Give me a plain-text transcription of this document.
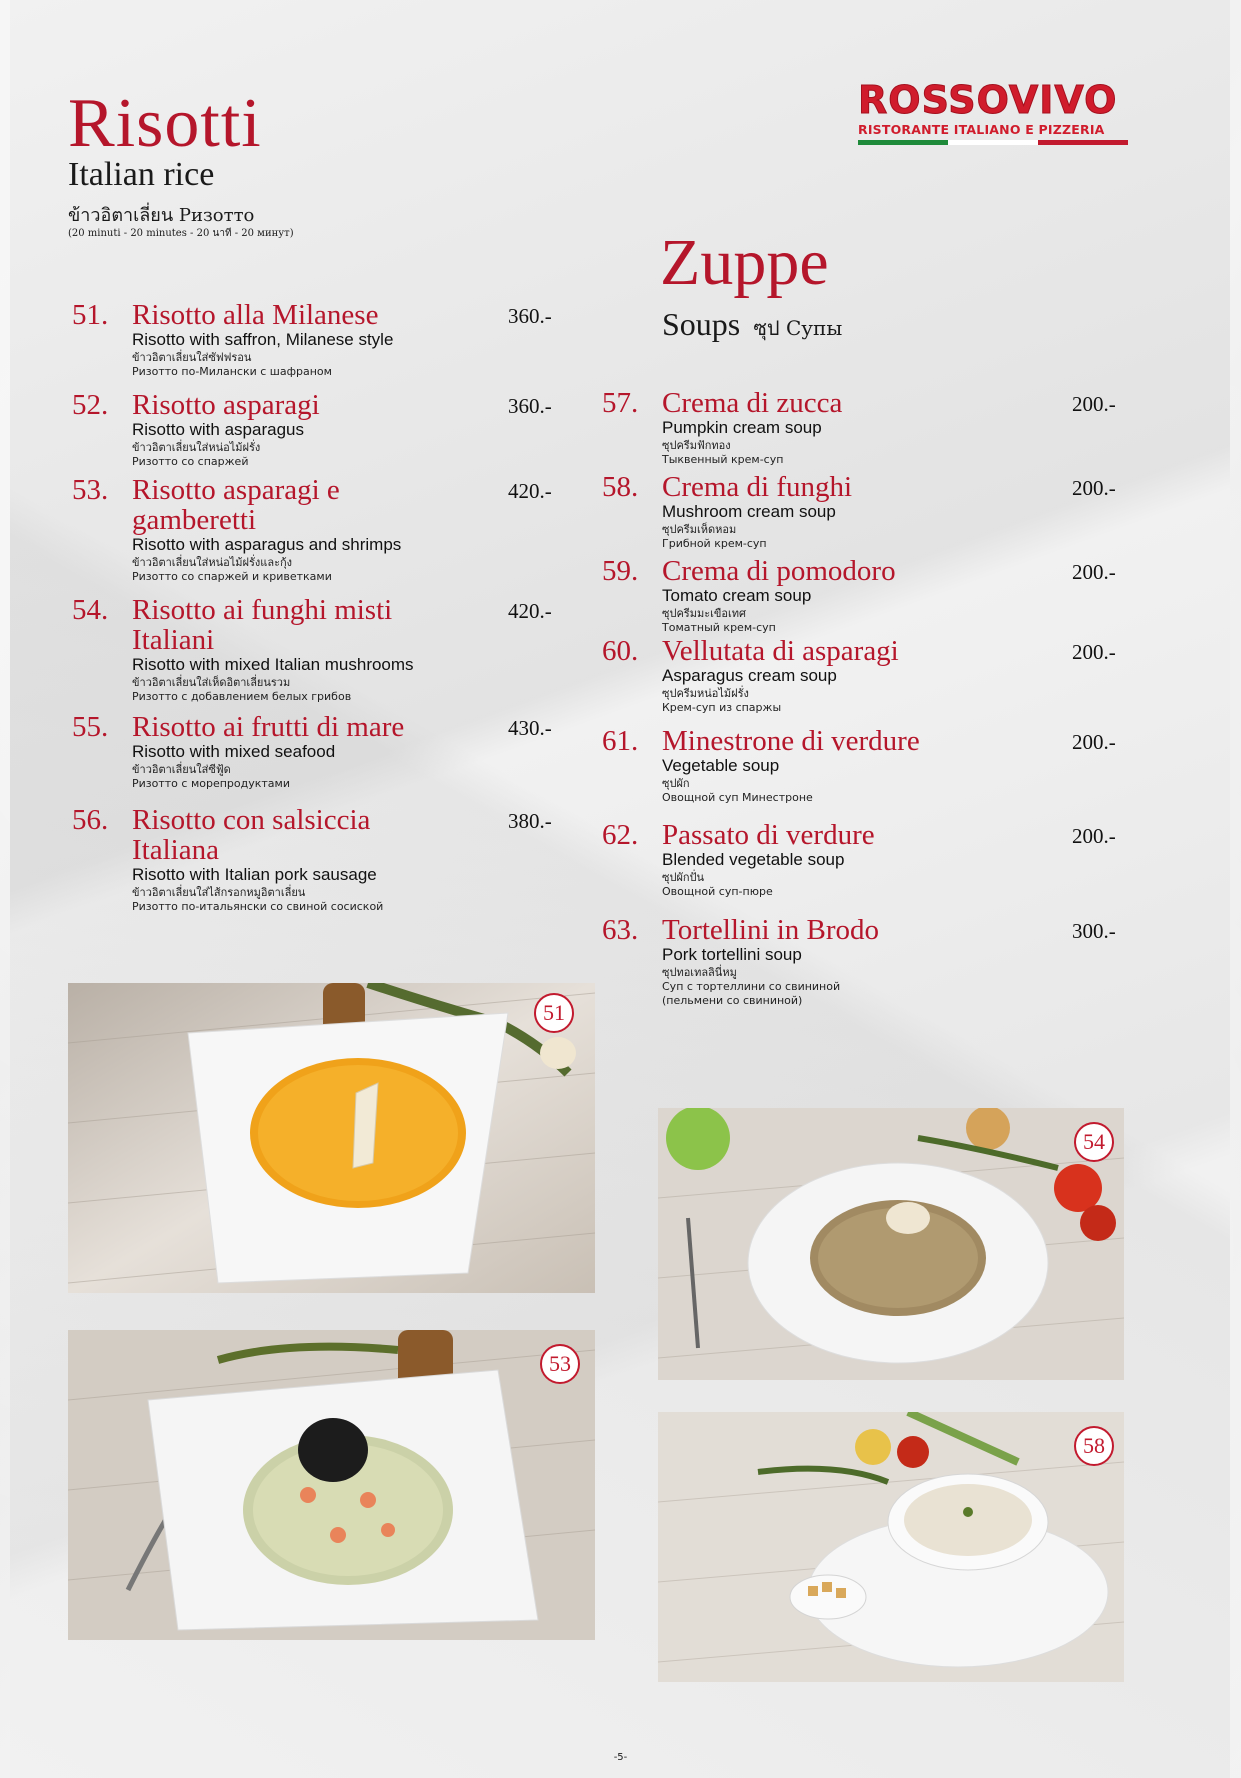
ROSSOVIVO
RISTORANTE ITALIANO E PIZZERIA
Risotti
Italian rice
ข้าวอิตาเลี่ยน Ризотто
(20 minuti - 20 minutes - 20 นาที - 20 минут)
51. Risotto alla Milanese
Risotto with saffron, Milanese style
ข้าวอิตาเลี่ยนใส่ซัฟฟรอน
Ризотто по-Милански с шафраном
360.-
52. Risotto asparagi
Risotto with asparagus
ข้าวอิตาเลี่ยนใส่หน่อไม้ฝรั่ง
Ризотто со спаржей
360.-
53. Risotto asparagi e
gamberetti
Risotto with asparagus and shrimps
ข้าวอิตาเลี่ยนใส่หน่อไม้ฝรั่งและกุ้ง
Ризотто со спаржей и криветками
420.-
54. Risotto ai funghi misti
Italiani
Risotto with mixed Italian mushrooms
ข้าวอิตาเลี่ยนใส่เห็ดอิตาเลี่ยนรวม
Ризотто с добавлением белых грибов
420.-
55. Risotto ai frutti di mare
Risotto with mixed seafood
ข้าวอิตาเลี่ยนใส่ซีฟู้ด
Ризотто с морепродуктами
430.-
56. Risotto con salsiccia
Italiana
Risotto with Italian pork sausage
ข้าวอิตาเลี่ยนใส่ไส้กรอกหมูอิตาเลี่ยน
Ризотто по-итальянски со свиной сосиской
380.-
Zuppe
Soups ซุป Супы
57. Crema di zucca
Pumpkin cream soup
ซุปครีมฟักทอง
Тыквенный крем-суп
200.-
58. Crema di funghi
Mushroom cream soup
ซุปครีมเห็ดหอม
Грибной крем-суп
200.-
59. Crema di pomodoro
Tomato cream soup
ซุปครีมมะเขือเทศ
Томатный крем-суп
200.-
60. Vellutata di asparagi
Asparagus cream soup
ซุปครีมหน่อไม้ฝรั่ง
Крем-суп из спаржы
200.-
61. Minestrone di verdure
Vegetable soup
ซุปผัก
Овощной суп Минестроне
200.-
62. Passato di verdure
Blended vegetable soup
ซุปผักปั่น
Овощной суп-пюре
200.-
63. Tortellini in Brodo
Pork tortellini soup
ซุปทอเทลลินี่หมู
Суп с тортеллини со свининой
(пельмени со свининой)
300.-
51
53
54
58
-5-
